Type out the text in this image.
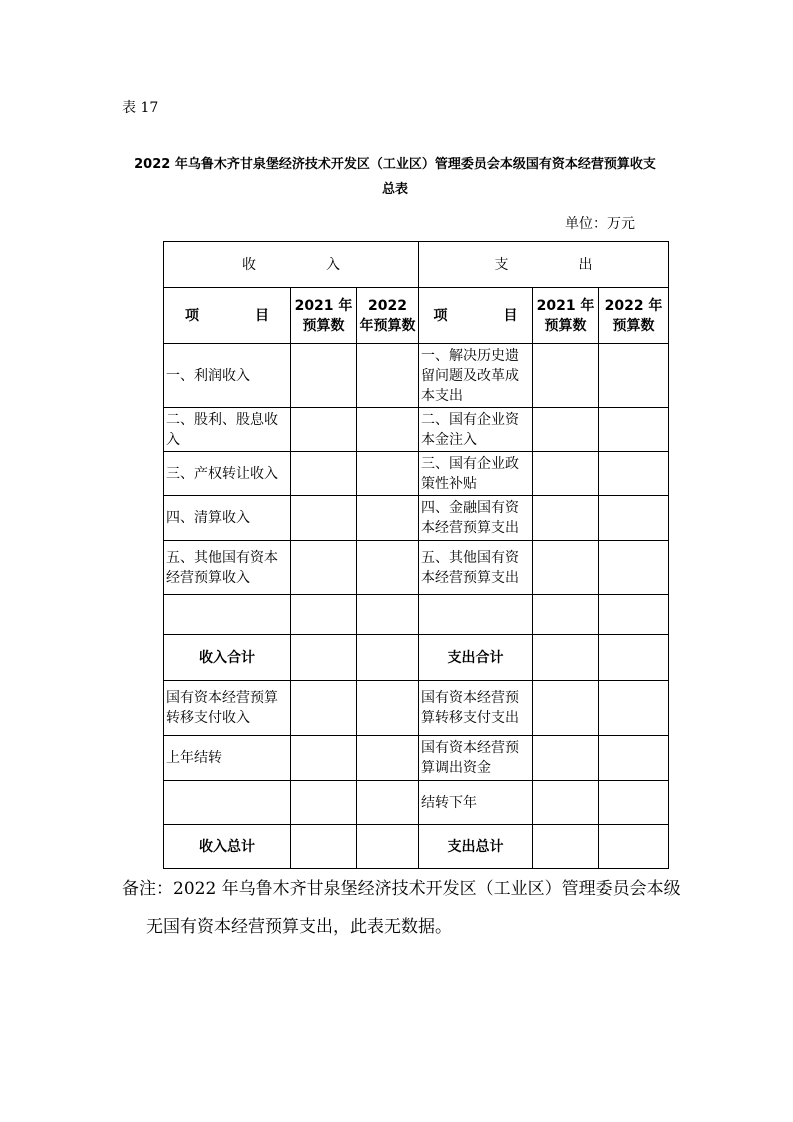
表 17
2022 年乌鲁木齐甘泉堡经济技术开发区（工业区）管理委员会本级国有资本经营预算收支
总表
单位：万元
收　　　　　入			支　　　　　出		
项　　　　目	2021 年预算数	2022 年预算数	项　　　　目	2021 年预算数	2022 年预算数
一、利润收入			一、解决历史遗留问题及改革成本支出		
二、股利、股息收入			二、国有企业资本金注入		
三、产权转让收入			三、国有企业政策性补贴		
四、清算收入			四、金融国有资本经营预算支出		
五、其他国有资本经营预算收入			五、其他国有资本经营预算支出		

收入合计			支出合计		
国有资本经营预算转移支付收入			国有资本经营预算转移支付支出		
上年结转			国有资本经营预算调出资金		
			结转下年		
收入总计			支出总计		
备注：2022 年乌鲁木齐甘泉堡经济技术开发区（工业区）管理委员会本级
无国有资本经营预算支出，此表无数据。
